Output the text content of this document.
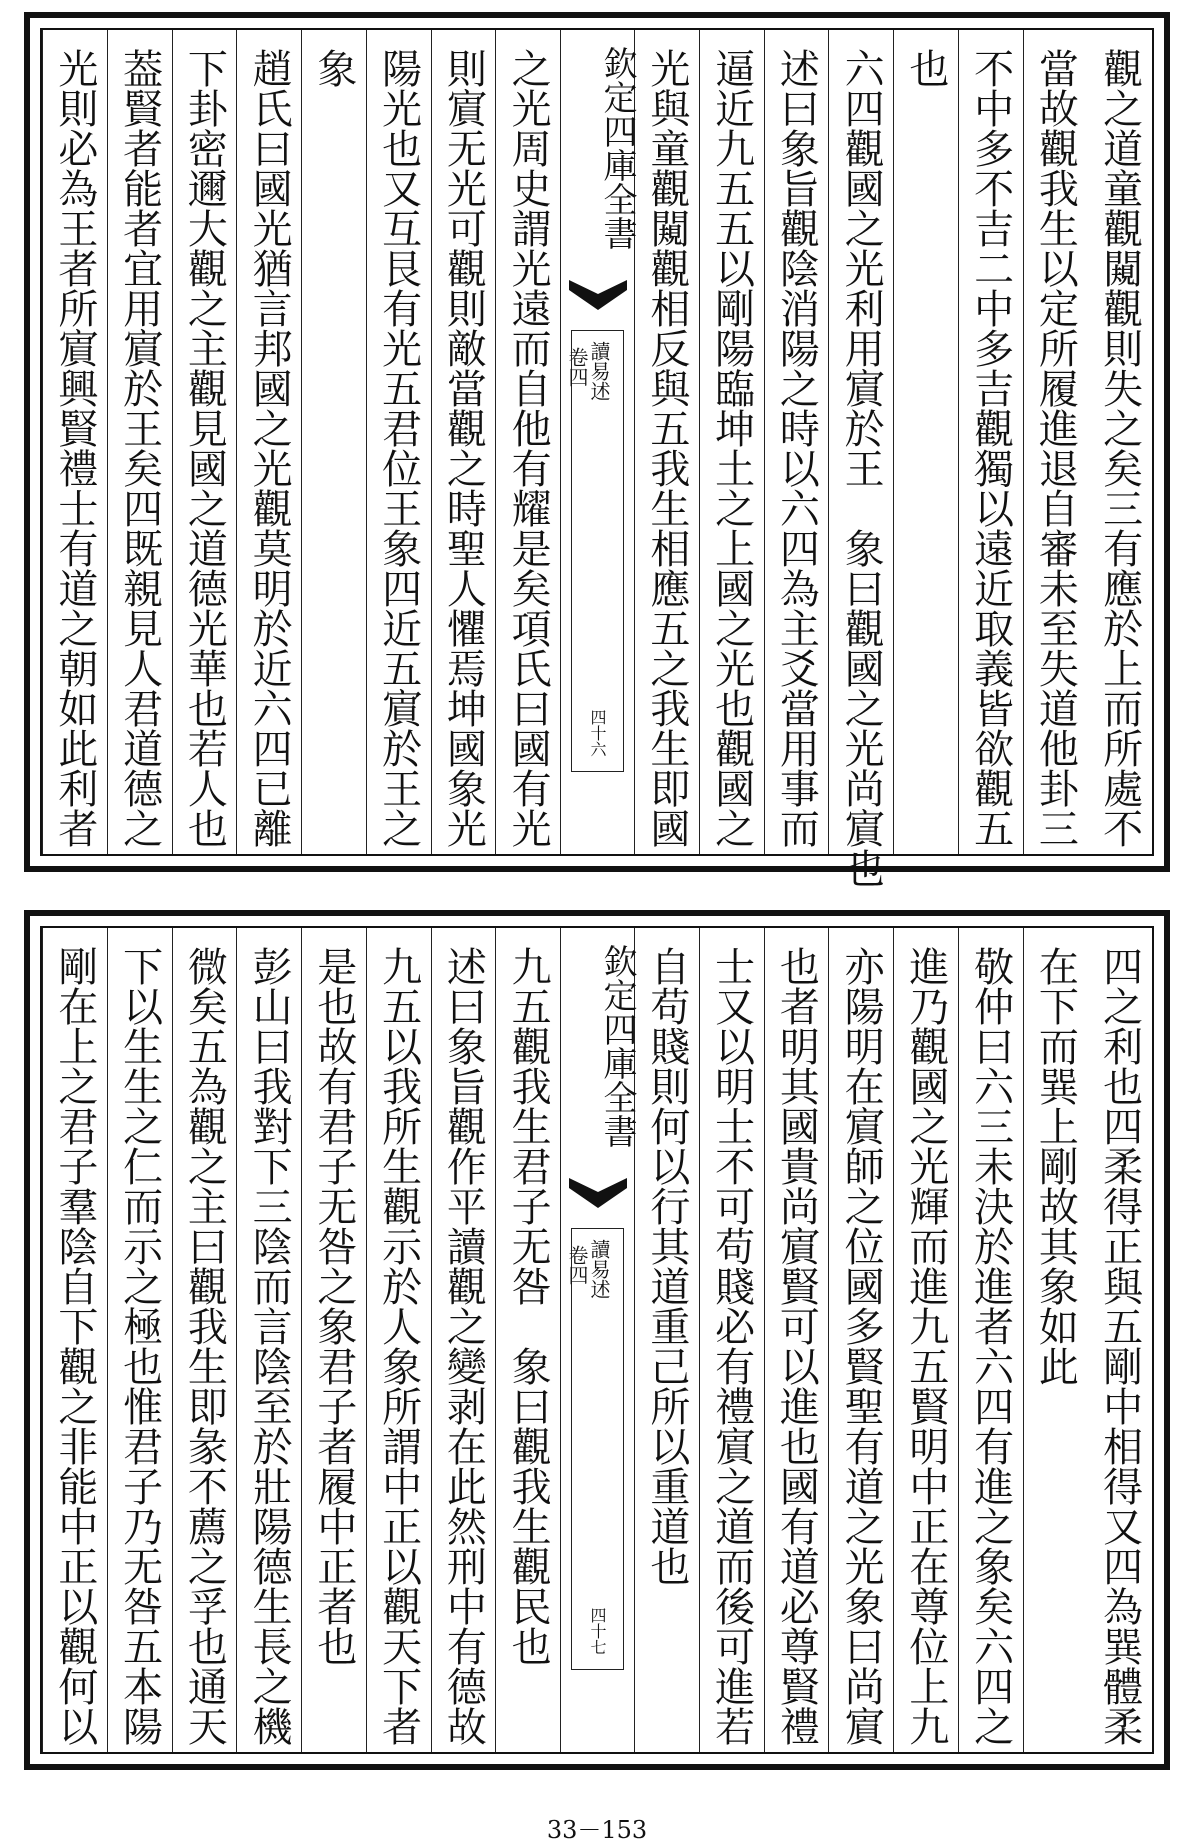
觀之道童觀闚觀則失之矣三有應於上而所處不
當故觀我生以定所履進退自審未至失道他卦三
不中多不吉二中多吉觀獨以遠近取義皆欲觀五
也
六四觀國之光利用賔於王　象曰觀國之光尚賔也
述曰象旨觀陰消陽之時以六四為主爻當用事而
逼近九五五以剛陽臨坤土之上國之光也觀國之
光與童觀闚觀相反與五我生相應五之我生即國
欽定四庫全書
讀易述
卷四
四十六
之光周史謂光遠而自他有耀是矣項氏曰國有光
則賔无光可觀則敵當觀之時聖人懼焉坤國象光
陽光也又互艮有光五君位王象四近五賔於王之
象
趙氏曰國光猶言邦國之光觀莫明於近六四已離
下卦密邇大觀之主觀見國之道德光華也若人也
葢賢者能者宜用賔於王矣四既親見人君道德之
光則必為王者所賔興賢禮士有道之朝如此利者
四之利也四柔得正與五剛中相得又四為巽體柔
在下而巽上剛故其象如此
敬仲曰六三未決於進者六四有進之象矣六四之
進乃觀國之光輝而進九五賢明中正在尊位上九
亦陽明在賔師之位國多賢聖有道之光象曰尚賔
也者明其國貴尚賔賢可以進也國有道必尊賢禮
士又以明士不可苟賤必有禮賔之道而後可進若
自苟賤則何以行其道重己所以重道也
欽定四庫全書
讀易述
卷四
四十七
九五觀我生君子无咎　象曰觀我生觀民也
述曰象旨觀作平讀觀之變剥在此然刑中有德故
九五以我所生觀示於人象所謂中正以觀天下者
是也故有君子无咎之象君子者履中正者也
彭山曰我對下三陰而言陰至於壯陽德生長之機
微矣五為觀之主曰觀我生即彖不薦之孚也通天
下以生生之仁而示之極也惟君子乃无咎五本陽
剛在上之君子羣陰自下觀之非能中正以觀何以
33－153
